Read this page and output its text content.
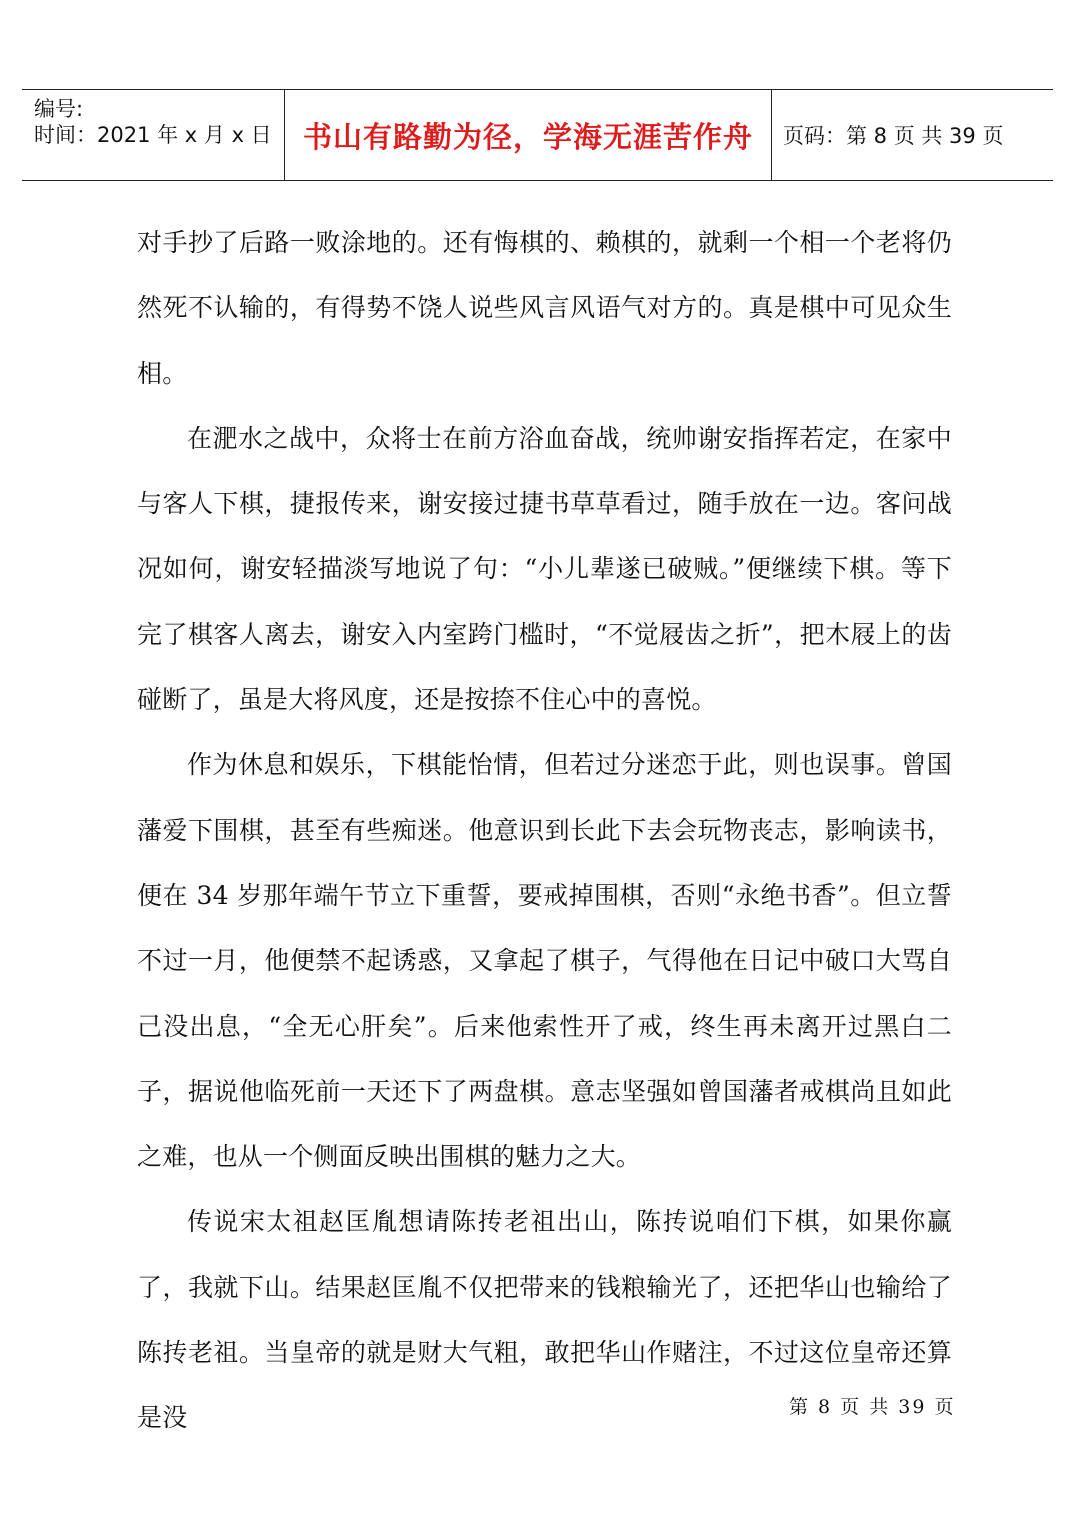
编号:
时间：2021 年 x 月 x 日	书山有路勤为径，学海无涯苦作舟	页码：第 8 页 共 39 页

对手抄了后路一败涂地的。还有悔棋的、赖棋的，就剩一个相一个老将仍然死不认输的，有得势不饶人说些风言风语气对方的。真是棋中可见众生相。

在淝水之战中，众将士在前方浴血奋战，统帅谢安指挥若定，在家中与客人下棋，捷报传来，谢安接过捷书草草看过，随手放在一边。客问战况如何，谢安轻描淡写地说了句：“小儿辈遂已破贼。”便继续下棋。等下完了棋客人离去，谢安入内室跨门槛时，“不觉屐齿之折”，把木屐上的齿碰断了，虽是大将风度，还是按捺不住心中的喜悦。

作为休息和娱乐，下棋能怡情，但若过分迷恋于此，则也误事。曾国藩爱下围棋，甚至有些痴迷。他意识到长此下去会玩物丧志，影响读书，便在 34 岁那年端午节立下重誓，要戒掉围棋，否则“永绝书香”。但立誓不过一月，他便禁不起诱惑，又拿起了棋子，气得他在日记中破口大骂自己没出息，“全无心肝矣”。后来他索性开了戒，终生再未离开过黑白二子，据说他临死前一天还下了两盘棋。意志坚强如曾国藩者戒棋尚且如此之难，也从一个侧面反映出围棋的魅力之大。

传说宋太祖赵匡胤想请陈抟老祖出山，陈抟说咱们下棋，如果你赢了，我就下山。结果赵匡胤不仅把带来的钱粮输光了，还把华山也输给了陈抟老祖。当皇帝的就是财大气粗，敢把华山作赌注，不过这位皇帝还算是没	第 8 页 共 39 页
